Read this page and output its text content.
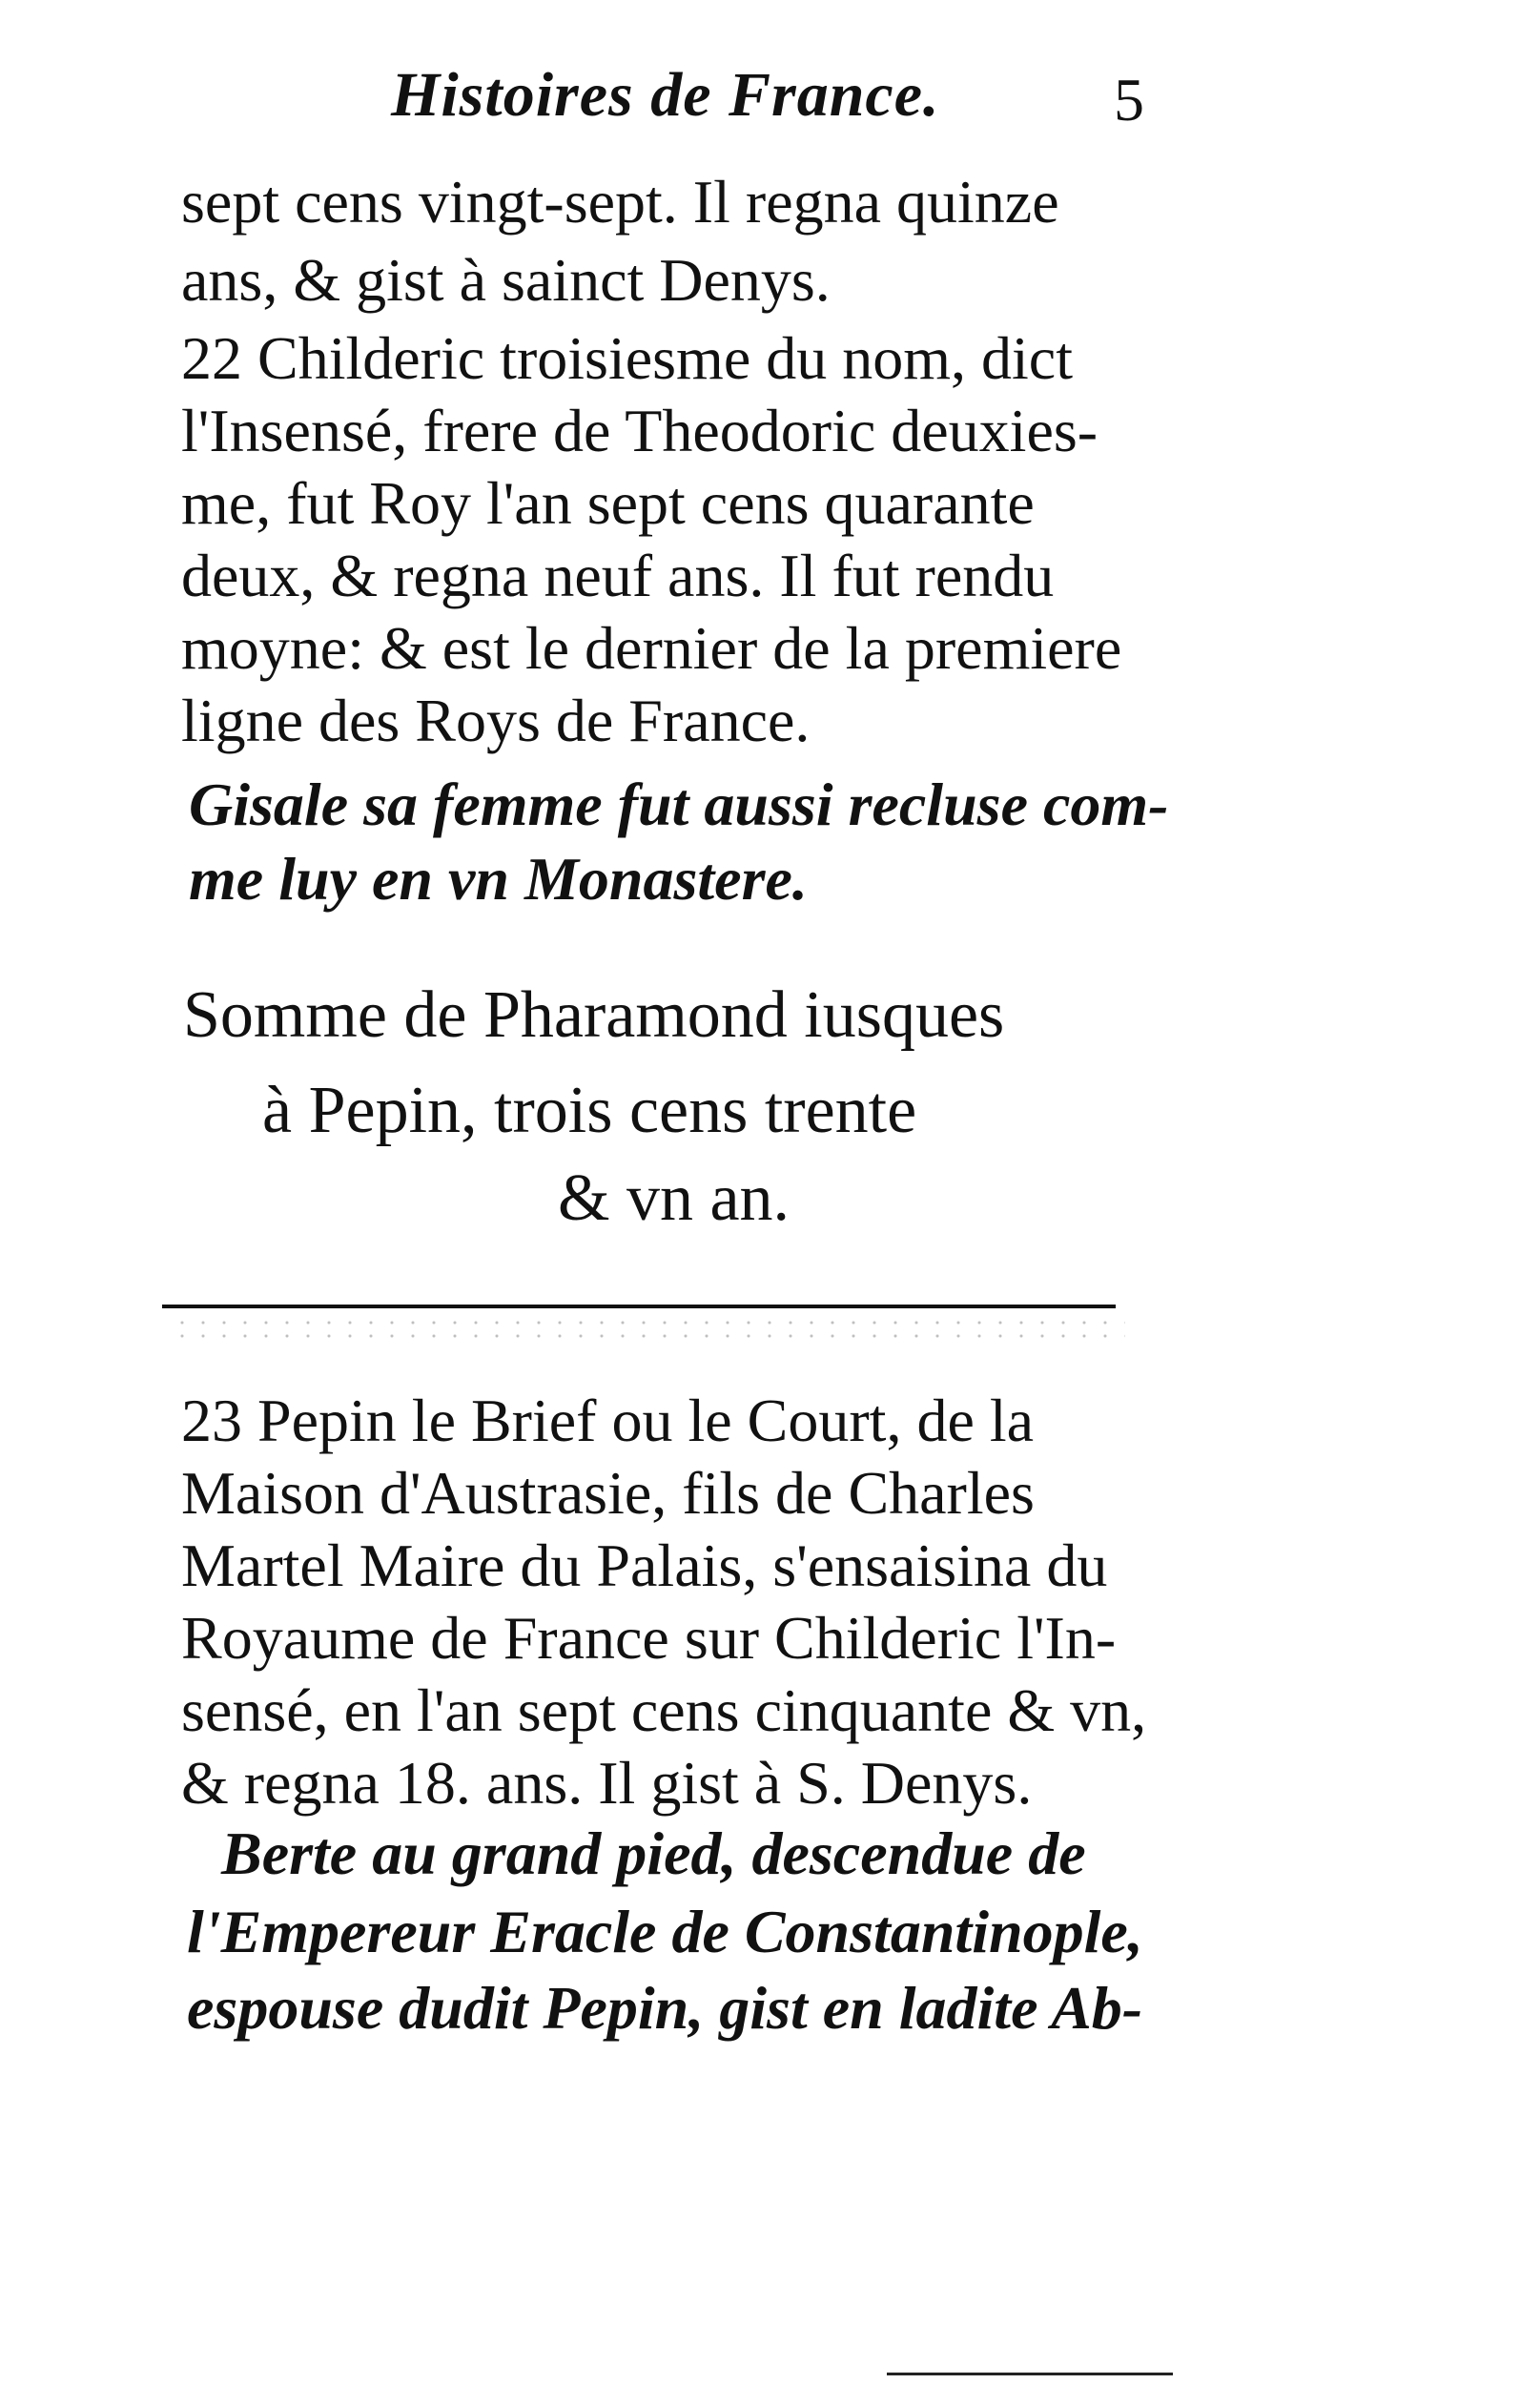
Histoires de France.	5
sept cens vingt-sept. Il regna quinze
ans, & gist à sainct Denys.
22 Childeric troisiesme du nom, dict
l'Insensé, frere de Theodoric deuxies-
me, fut Roy l'an sept cens quarante
deux, & regna neuf ans. Il fut rendu
moyne: & est le dernier de la premiere
ligne des Roys de France.
Gisale sa femme fut aussi recluse com-
me luy en vn Monastere.
Somme de Pharamond iusques
à Pepin, trois cens trente
& vn an.
23 Pepin le Brief ou le Court, de la
Maison d'Austrasie, fils de Charles
Martel Maire du Palais, s'ensaisina du
Royaume de France sur Childeric l'In-
sensé, en l'an sept cens cinquante & vn,
& regna 18. ans. Il gist à S. Denys.
Berte au grand pied, descendue de
l'Empereur Eracle de Constantinople,
espouse dudit Pepin, gist en ladite Ab-
